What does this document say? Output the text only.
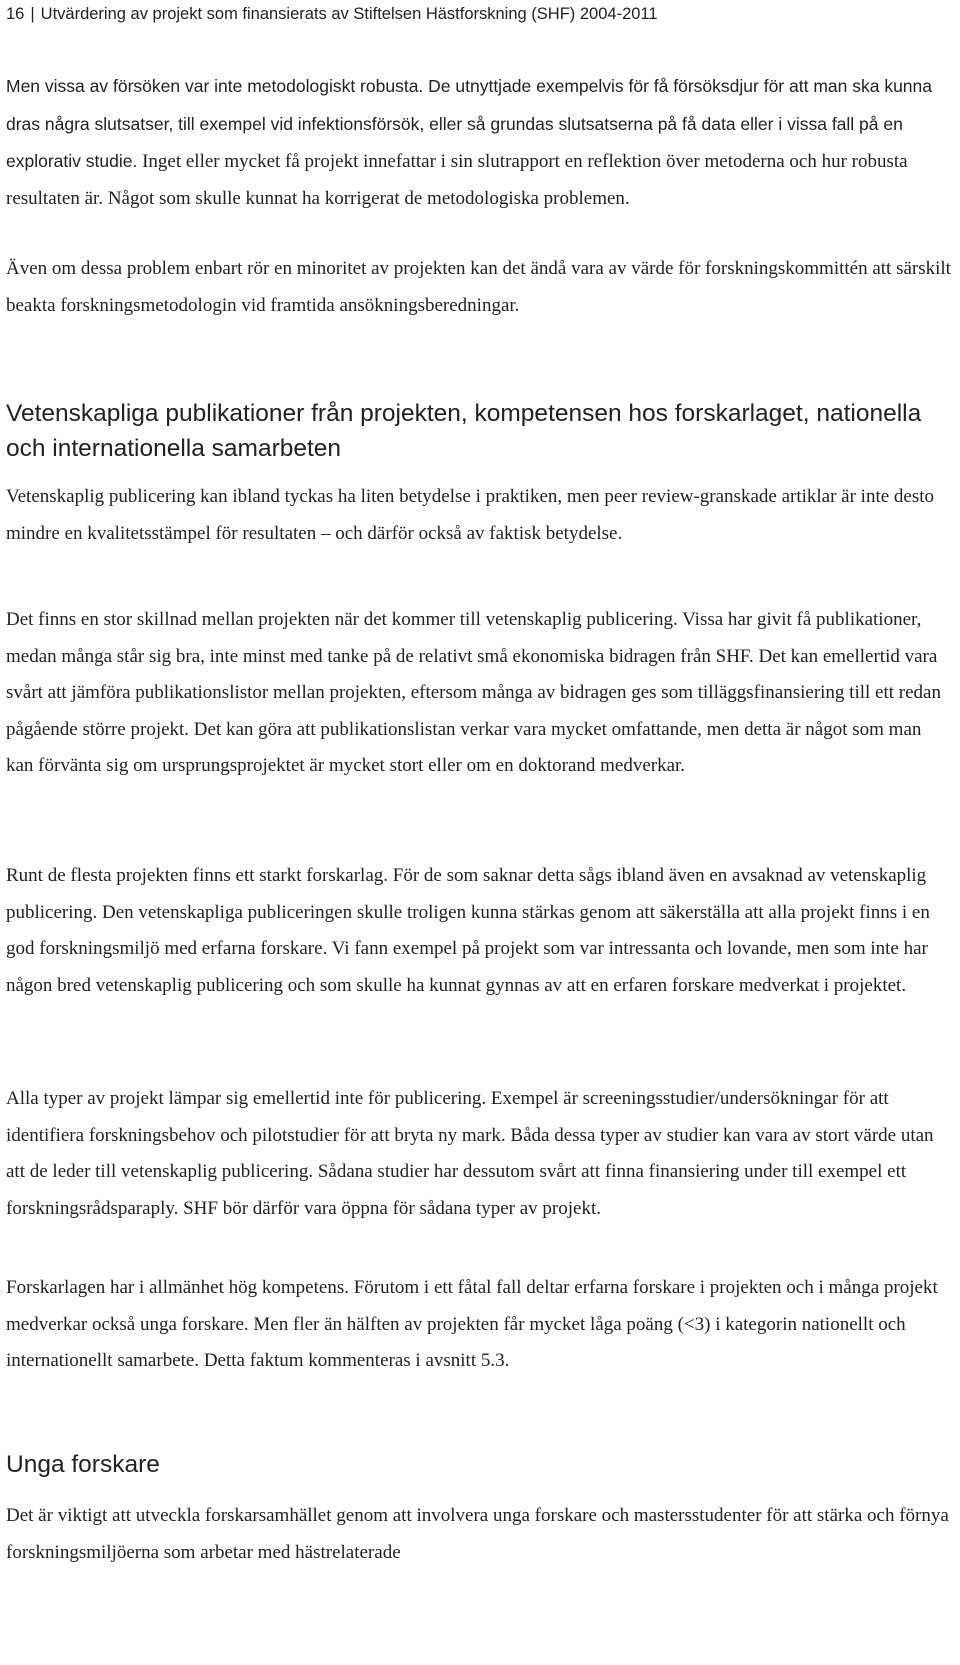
16 | Utvärdering av projekt som finansierats av Stiftelsen Hästforskning (SHF) 2004-2011

Men vissa av försöken var inte metodologiskt robusta. De utnyttjade exempelvis för få försöksdjur för att man ska kunna dras några slutsatser, till exempel vid infektionsförsök, eller så grundas slutsatserna på få data eller i vissa fall på en explorativ studie. Inget eller mycket få projekt innefattar i sin slutrapport en reflektion över metoderna och hur robusta resultaten är. Något som skulle kunnat ha korrigerat de metodologiska problemen.

Även om dessa problem enbart rör en minoritet av projekten kan det ändå vara av värde för forskningskommittén att särskilt beakta forskningsmetodologin vid framtida ansökningsberedningar.

Vetenskapliga publikationer från projekten, kompetensen hos forskarlaget, nationella och internationella samarbeten

Vetenskaplig publicering kan ibland tyckas ha liten betydelse i praktiken, men peer review-granskade artiklar är inte desto mindre en kvalitetsstämpel för resultaten – och därför också av faktisk betydelse.

Det finns en stor skillnad mellan projekten när det kommer till vetenskaplig publicering. Vissa har givit få publikationer, medan många står sig bra, inte minst med tanke på de relativt små ekonomiska bidragen från SHF. Det kan emellertid vara svårt att jämföra publikationslistor mellan projekten, eftersom många av bidragen ges som tilläggsfinansiering till ett redan pågående större projekt. Det kan göra att publikationslistan verkar vara mycket omfattande, men detta är något som man kan förvänta sig om ursprungsprojektet är mycket stort eller om en doktorand medverkar.

Runt de flesta projekten finns ett starkt forskarlag. För de som saknar detta sågs ibland även en avsaknad av vetenskaplig publicering. Den vetenskapliga publiceringen skulle troligen kunna stärkas genom att säkerställa att alla projekt finns i en god forskningsmiljö med erfarna forskare. Vi fann exempel på projekt som var intressanta och lovande, men som inte har någon bred vetenskaplig publicering och som skulle ha kunnat gynnas av att en erfaren forskare medverkat i projektet.

Alla typer av projekt lämpar sig emellertid inte för publicering. Exempel är screeningsstudier/undersökningar för att identifiera forskningsbehov och pilotstudier för att bryta ny mark. Båda dessa typer av studier kan vara av stort värde utan att de leder till vetenskaplig publicering. Sådana studier har dessutom svårt att finna finansiering under till exempel ett forskningsrådsparaply. SHF bör därför vara öppna för sådana typer av projekt.

Forskarlagen har i allmänhet hög kompetens. Förutom i ett fåtal fall deltar erfarna forskare i projekten och i många projekt medverkar också unga forskare. Men fler än hälften av projekten får mycket låga poäng (<3) i kategorin nationellt och internationellt samarbete. Detta faktum kommenteras i avsnitt 5.3.

Unga forskare

Det är viktigt att utveckla forskarsamhället genom att involvera unga forskare och mastersstudenter för att stärka och förnya forskningsmiljöerna som arbetar med hästrelaterade
